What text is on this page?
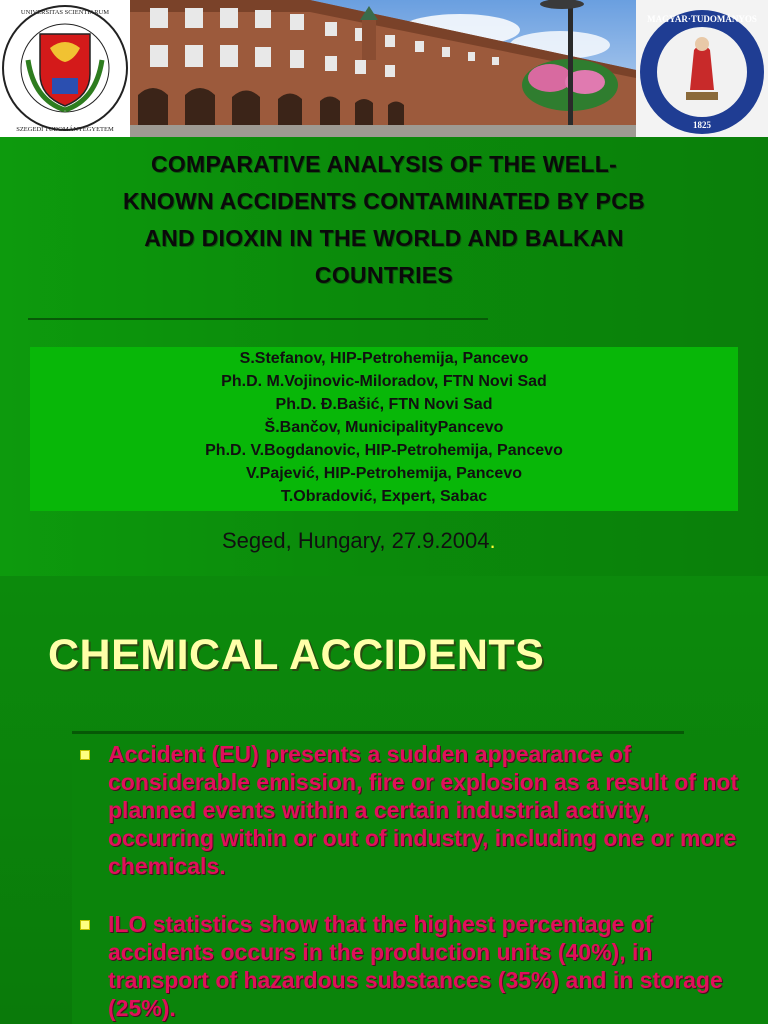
SZEGEDI TUDOMÁNYEGYETEM
UNIVERSITAS SCIENTIARUM
MAGYAR·TUDOMÁNYOS
1825
COMPARATIVE ANALYSIS OF THE WELL-
KNOWN ACCIDENTS CONTAMINATED BY PCB
AND DIOXIN IN THE WORLD AND BALKAN
COUNTRIES
S.Stefanov, HIP-Petrohemija, Pancevo
Ph.D. M.Vojinovic-Miloradov, FTN Novi Sad
Ph.D. Đ.Bašić, FTN Novi Sad
Š.Bančov, MunicipalityPancevo
Ph.D. V.Bogdanovic, HIP-Petrohemija, Pancevo
V.Pajević, HIP-Petrohemija, Pancevo
T.Obradović, Expert, Sabac
Seged, Hungary, 27.9.2004.
CHEMICAL ACCIDENTS
Accident (EU) presents a sudden appearance of considerable emission, fire or explosion as a result of not planned events within a certain industrial activity, occurring within or out of industry, including one or more chemicals.
ILO statistics show that the highest percentage of accidents occurs in the production units (40%), in transport of hazardous substances (35%) and in storage (25%).
